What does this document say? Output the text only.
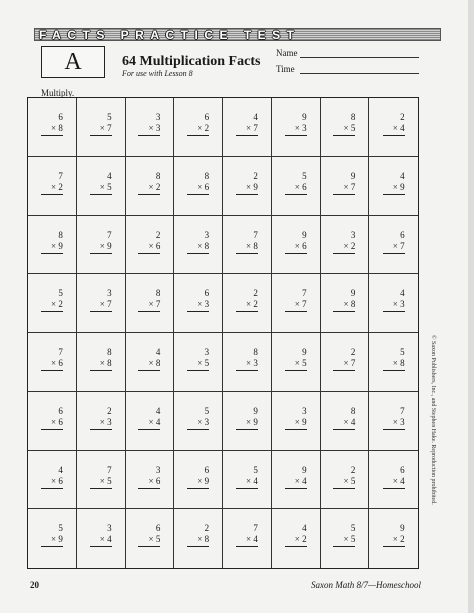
FACTS PRACTICE TEST
A	64 Multiplication Facts
For use with Lesson 8
Name
Time
Multiply.
6
× 8
5
× 7
3
× 3
6
× 2
4
× 7
9
× 3
8
× 5
2
× 4
7
× 2
4
× 5
8
× 2
8
× 6
2
× 9
5
× 6
9
× 7
4
× 9
8
× 9
7
× 9
2
× 6
3
× 8
7
× 8
9
× 6
3
× 2
6
× 7
5
× 2
3
× 7
8
× 7
6
× 3
2
× 2
7
× 7
9
× 8
4
× 3
7
× 6
8
× 8
4
× 8
3
× 5
8
× 3
9
× 5
2
× 7
5
× 8
6
× 6
2
× 3
4
× 4
5
× 3
9
× 9
3
× 9
8
× 4
7
× 3
4
× 6
7
× 5
3
× 6
6
× 9
5
× 4
9
× 4
2
× 5
6
× 4
5
× 9
3
× 4
6
× 5
2
× 8
7
× 4
4
× 2
5
× 5
9
× 2
© Saxon Publishers, Inc., and Stephen Hake. Reproduction prohibited.
20	Saxon Math 8/7—Homeschool
